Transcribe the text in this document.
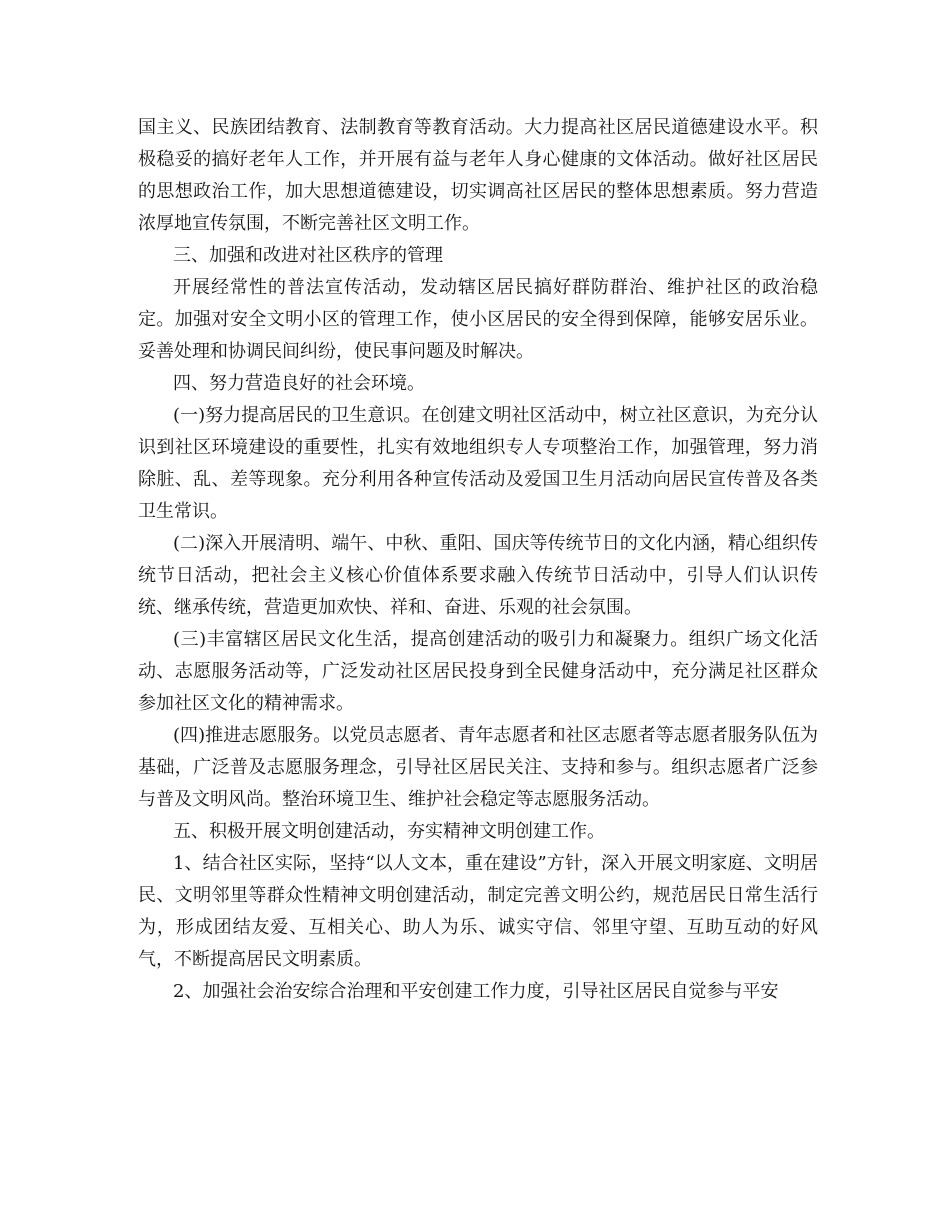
国主义、民族团结教育、法制教育等教育活动。大力提高社区居民道德建设水平。积极稳妥的搞好老年人工作，并开展有益与老年人身心健康的文体活动。做好社区居民的思想政治工作，加大思想道德建设，切实调高社区居民的整体思想素质。努力营造浓厚地宣传氛围，不断完善社区文明工作。

三、加强和改进对社区秩序的管理

开展经常性的普法宣传活动，发动辖区居民搞好群防群治、维护社区的政治稳定。加强对安全文明小区的管理工作，使小区居民的安全得到保障，能够安居乐业。妥善处理和协调民间纠纷，使民事问题及时解决。

四、努力营造良好的社会环境。

(一)努力提高居民的卫生意识。在创建文明社区活动中，树立社区意识，为充分认识到社区环境建设的重要性，扎实有效地组织专人专项整治工作，加强管理，努力消除脏、乱、差等现象。充分利用各种宣传活动及爱国卫生月活动向居民宣传普及各类卫生常识。

(二)深入开展清明、端午、中秋、重阳、国庆等传统节日的文化内涵，精心组织传统节日活动，把社会主义核心价值体系要求融入传统节日活动中，引导人们认识传统、继承传统，营造更加欢快、祥和、奋进、乐观的社会氛围。

(三)丰富辖区居民文化生活，提高创建活动的吸引力和凝聚力。组织广场文化活动、志愿服务活动等，广泛发动社区居民投身到全民健身活动中，充分满足社区群众参加社区文化的精神需求。

(四)推进志愿服务。以党员志愿者、青年志愿者和社区志愿者等志愿者服务队伍为基础，广泛普及志愿服务理念，引导社区居民关注、支持和参与。组织志愿者广泛参与普及文明风尚。整治环境卫生、维护社会稳定等志愿服务活动。

五、积极开展文明创建活动，夯实精神文明创建工作。

1、结合社区实际，坚持“以人文本，重在建设”方针，深入开展文明家庭、文明居民、文明邻里等群众性精神文明创建活动，制定完善文明公约，规范居民日常生活行为，形成团结友爱、互相关心、助人为乐、诚实守信、邻里守望、互助互动的好风气，不断提高居民文明素质。

2、加强社会治安综合治理和平安创建工作力度，引导社区居民自觉参与平安
